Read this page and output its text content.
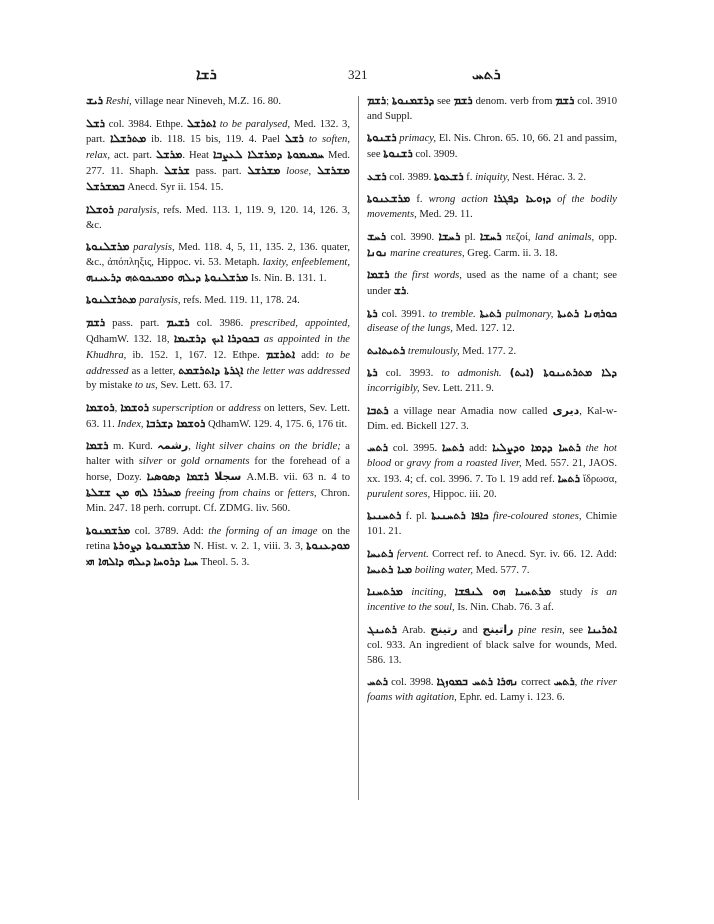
ܪܫܐ	321	ܪܬܚ

ܪܝܫ Reshi, village near Nineveh, M.Z. 16. 80.

ܪܫܠ col. 3984. Ethpe. ܐܬܪܫܠ to be paralysed, Med. 132. 3, part. ܡܬܪܫܠܐ ib. 118. 15 bis, 119. 4. Pael ܪܫܠ to soften, relax, act. part. ܡܪܫܠ. Heat ܚܡܝܡܘܬܐ ܕܡܪܫܠܐ ܠܥܨܒܐ Med. 277. 11. Shaph. ܫܪܫܠ pass. part. ܡܫܪܫܠ loose, ܡܫܪܫܠ ܒܡܫܪܫܠ Anecd. Syr ii. 154. 15.

ܪܘܫܠܐ paralysis, refs. Med. 113. 1, 119. 9, 120. 14, 126. 3, &c.

ܡܪܫܠܢܘܬܐ paralysis, Med. 118. 4, 5, 11, 135. 2, 136. quater, &c., ἀπόπληξις, Hippoc. vi. 53. Metaph. laxity, enfeeblement, ܡܪܫܠܢܘܬܐ ܕܝܠܗ ܘܡܟܝܟܘܬܗ ܕܪܥܝܢܗ Is. Nin. B. 131. 1.

ܡܬܪܫܠܢܘܬܐ paralysis, refs. Med. 119. 11, 178. 24.

ܪܫܡ pass. part. ܪܫܝܡ col. 3986. prescribed, appointed, QdhamW. 132. 18, ܐܝܟ ܕܪܫܝܡܐ ܒܟܘܕܪܐ as appointed in the Khudhra, ib. 152. 1, 167. 12. Ethpe. ܐܬܪܫܡ add: to be addressed as a letter, ܐܓܪܬܐ ܕܐܬܪܫܡܬ the letter was addressed by mistake to us, Sev. Lett. 63. 17.

ܪܘܫܡܐ, ܪܘܫܡܐ superscription or address on letters, Sev. Lett. 63. 11. Index, ܪܘܫܡܐ ܕܫܪܒܐ QdhamW. 129. 4, 175. 6, 176 tit.

ܪܫܡܐ m. Kurd. رشمہ, light silver chains on the bridle; a halter with silver or gold ornaments for the forehead of a horse, Dozy. ܪܫܡܐ ܕܣܘܣܝܐ سجلا A.M.B. vii. 63 n. 4 to ܡܚܪܪܐ ܠܗ ܡܢ ܫܫܠܬܐ freeing from chains or fetters, Chron. Min. 247. 18 perh. corrupt. Cf. ZDMG. liv. 560.

ܡܪܫܡܢܘܬܐ col. 3789. Add: the forming of an image on the retina ܡܪܫܡܢܘܬܐ ܕܨܘܪܬܐ N. Hist. v. 2. 1, viii. 3. 3, ܡܘܕܥܢܘܬܐ ܕܝܠܗ ܕܐܠܗܐ ܗܝ ܚܝܐ ܕܪܘܚܐ Theol. 5. 3.

ܪܫܡ; ܕܪܫܡܢܘܬܐ see ܪܫܡ denom. verb from ܪܫܡ col. 3910 and Suppl.

ܪܫܢܘܬܐ primacy, El. Nis. Chron. 65. 10, 66. 21 and passim, see ܪܫܢܘܬܐ col. 3909.

ܪܫܥ col. 3989. ܪܫܥܘܬܐ f. iniquity, Nest. Hérac. 3. 2.

ܡܪܫܥܢܘܬܐ f. wrong action ܕܙܘܥܐ ܕܦܓܪܐ of the bodily movements, Med. 29. 11.

ܪܚܫ col. 3990. ܪܚܫܐ pl. ܪܚܫܐ πεζοί, land animals, opp. ܢܘܢܐ marine creatures, Greg. Carm. ii. 3. 18.

ܪܫܡܐ the first words, used as the name of a chant; see under ܪܫ.

ܪܬܐ col. 3991. to tremble. ܪܬܝܬܐ pulmonary, ܟܘܪܗܢܐ ܪܬܝܬܐ disease of the lungs, Med. 127. 12.

ܪܬܝܬܐܝܬ tremulously, Med. 177. 2.

ܪܬܐ col. 3993. to admonish. ܕܠܐ ܡܬܪܬܝܢܘܬܐ (ܐܝܬ) incorrigibly, Sev. Lett. 211. 9.

ܪܬܒܐ a village near Amadia now called ديرى, Kal-w-Dim. ed. Bickell 127. 3.

ܪܬܚ col. 3995. ܪܬܚܐ add: ܪܬܚܐ ܕܕܡܐ ܘܕܨܠܝܐ the hot blood or gravy from a roasted liver, Med. 557. 21, JAOS. xx. 193. 4; cf. col. 3996. 7. To l. 19 add ref. ܪܬܚܐ ἴδρωσα, purulent sores, Hippoc. iii. 20.

ܪܬܚܢܝܬܐ f. pl. ܟܐܦܐ ܪܬܚܢܝܬܐ fire-coloured stones, Chimie 101. 21.

ܪܬܝܚܐ fervent. Correct ref. to Anecd. Syr. iv. 66. 12. Add: ܡܝܐ ܪܬܝܚܐ boiling water, Med. 577. 7.

ܡܪܬܚܢܐ inciting, ܡܪܬܚܢܐ ܗܘ ܠܢܦܫܐ study is an incentive to the soul, Is. Nin. Chab. 76. 3 af.

ܪܬܝܢܓ Arab. رتينج and راتينج pine resin, see ܐܬܪܝܢܐ col. 933. An ingredient of black salve for wounds, Med. 586. 13.

ܪܬܚ col. 3998. ܢܗܪܐ ܪܬܚ ܒܡܘܙܓܐ correct ܪܬܚ, the river foams with agitation, Ephr. ed. Lamy i. 123. 6.
